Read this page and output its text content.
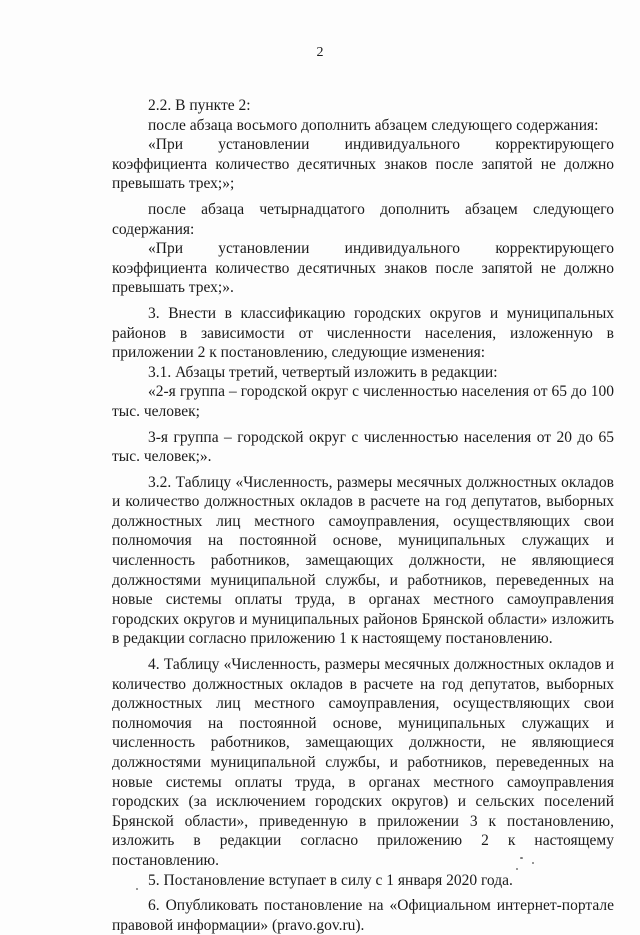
2

2.2. В пункте 2:

после абзаца восьмого дополнить абзацем следующего содержания:

«При установлении индивидуального корректирующего коэффициента количество десятичных знаков после запятой не должно превышать трех;»;

после абзаца четырнадцатого дополнить абзацем следующего содержания:

«При установлении индивидуального корректирующего коэффициента количество десятичных знаков после запятой не должно превышать трех;».

3. Внести в классификацию городских округов и муниципальных районов в зависимости от численности населения, изложенную в приложении 2 к постановлению, следующие изменения:

3.1. Абзацы третий, четвертый изложить в редакции:

«2-я группа – городской округ с численностью населения от 65 до 100 тыс. человек;

3-я группа – городской округ с численностью населения от 20 до 65 тыс. человек;».

3.2. Таблицу «Численность, размеры месячных должностных окладов и количество должностных окладов в расчете на год депутатов, выборных должностных лиц местного самоуправления, осуществляющих свои полномочия на постоянной основе, муниципальных служащих и численность работников, замещающих должности, не являющиеся должностями муниципальной службы, и работников, переведенных на новые системы оплаты труда, в органах местного самоуправления городских округов и муниципальных районов Брянской области» изложить в редакции согласно приложению 1 к настоящему постановлению.

4. Таблицу «Численность, размеры месячных должностных окладов и количество должностных окладов в расчете на год депутатов, выборных должностных лиц местного самоуправления, осуществляющих свои полномочия на постоянной основе, муниципальных служащих и численность работников, замещающих должности, не являющиеся должностями муниципальной службы, и работников, переведенных на новые системы оплаты труда, в органах местного самоуправления городских (за исключением городских округов) и сельских поселений Брянской области», приведенную в приложении 3 к постановлению, изложить в редакции согласно приложению 2 к настоящему постановлению.

5. Постановление вступает в силу с 1 января 2020 года.

6. Опубликовать постановление на «Официальном интернет-портале правовой информации» (pravo.gov.ru).
